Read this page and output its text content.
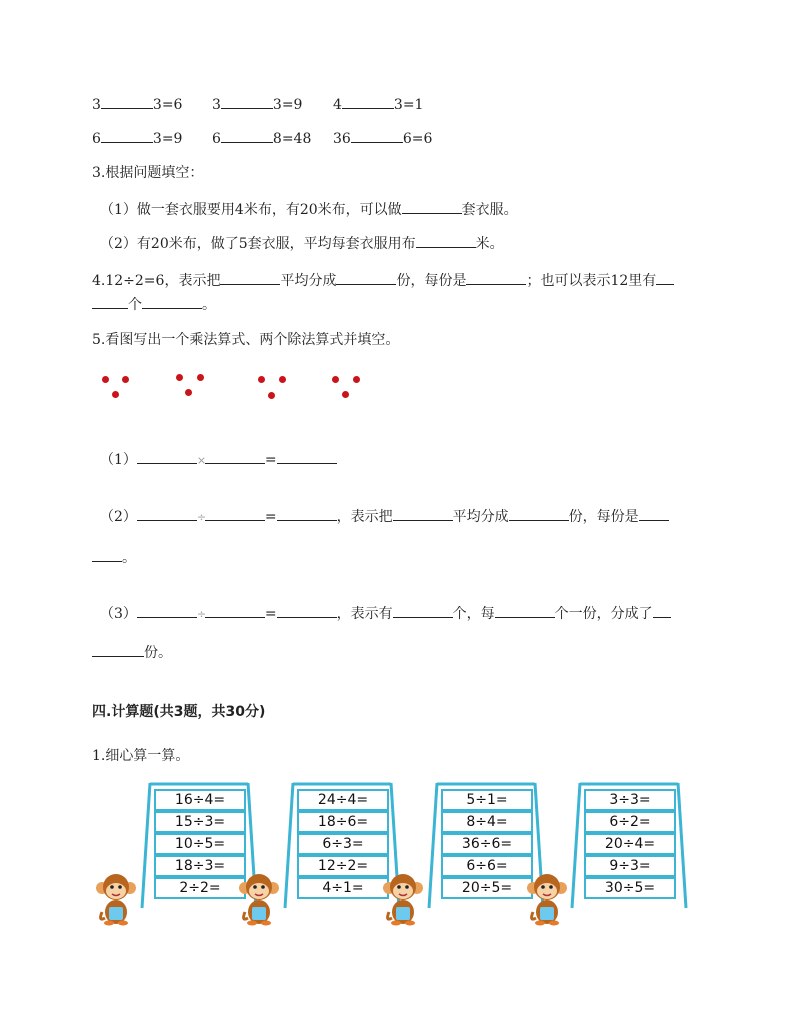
3	3=6 3	3=9 4	3=1
6	3=9 6	8=48 36	6=6
3.根据问题填空：
（1）做一套衣服要用4米布，有20米布，可以做	套衣服。
（2）有20米布，做了5套衣服，平均每套衣服用布	米。
4.12÷2=6，表示把	平均分成	份，每份是	；也可以表示12里有
个	。
5.看图写出一个乘法算式、两个除法算式并填空。
（1）	×	=
（2）	÷	=	，表示把	平均分成	份，每份是
。
（3）	÷	=	，表示有	个，每	个一份，分成了
份。
四.计算题(共3题，共30分)
1.细心算一算。
16÷4=
15÷3=
10÷5=
18÷3=
2÷2=
24÷4=
18÷6=
6÷3=
12÷2=
4÷1=
5÷1=
8÷4=
36÷6=
6÷6=
20÷5=
3÷3=
6÷2=
20÷4=
9÷3=
30÷5=
